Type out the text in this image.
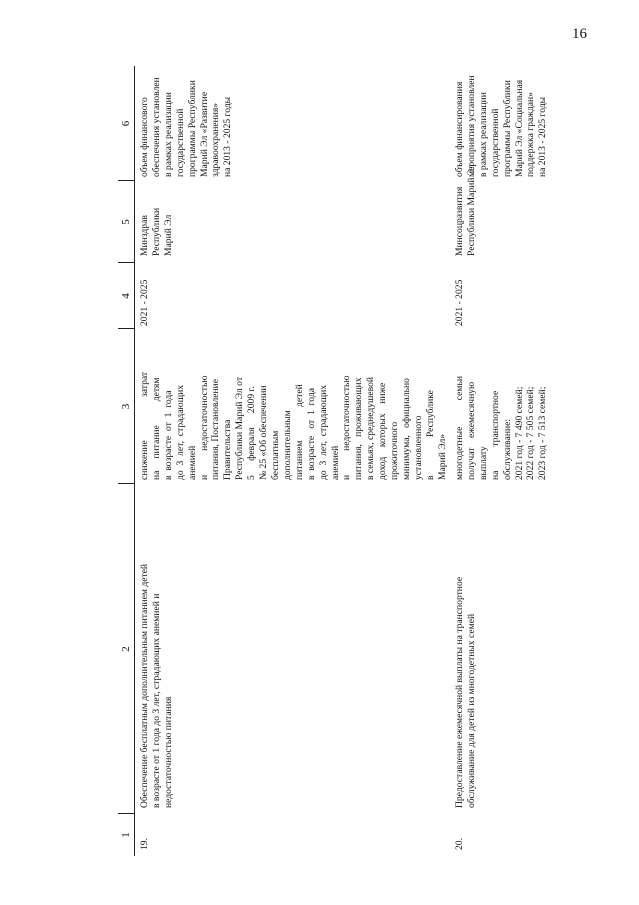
16
1
2
3
4
5
6
19.
Обеспечение бесплатным дополнительным питанием детей
в возрасте от 1 года до 3 лет, страдающих анемией и
недостаточностью питания
снижение                  затрат
на     питание          детям
в  возрасте  от  1  года
до  3  лет,  страдающих
анемией
и          недостаточностью
питания, Постановление
Правительства
Республики Марий Эл от
5      февраля      2009 г.
№ 25 «Об обеспечении
бесплатным
дополнительным
питанием              детей
в  возрасте   от  1  года
до  3  лет,  страдающих
анемией
и          недостаточностью
питания,   проживающих
в семьях, среднедушевой
доход    которых    ниже
прожиточного
минимума,   официально
установленного
в                Республике
Марий Эл»
2021 - 2025
Минздрав
Республики
Марий Эл
объем финансового
обеспечения установлен
в рамках реализации
государственной
программы Республики
Марий Эл «Развитие
здравоохранения»
на 2013 - 2025 годы
20.
Предоставление ежемесячной выплаты на транспортное
обслуживание для детей из многодетных семей
многодетные           семьи
получат    ежемесячную
выплату
на          транспортное
обслуживание:
2021 год - 7 490 семей;
2022 год - 7 505 семей;
2023 год - 7 513 семей;
2021 - 2025
Минсоцразвития
Республики Марий Эл
объем финансирования
мероприятия установлен
в рамках реализации
государственной
программы Республики
Марий Эл «Социальная
поддержка граждан»
на 2013 - 2025 годы
